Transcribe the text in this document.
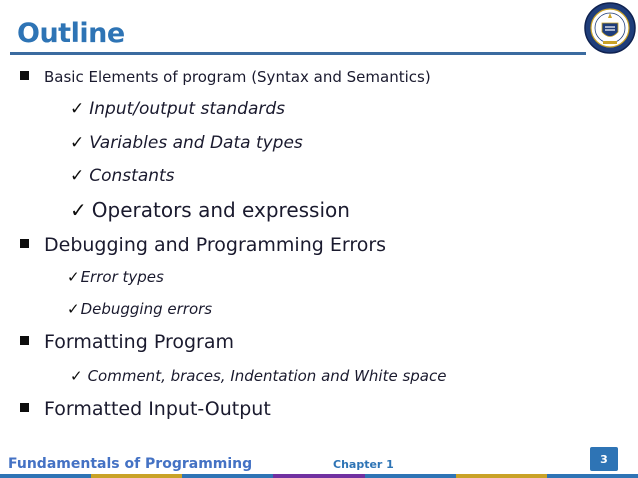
Outline
Basic Elements of program (Syntax and Semantics)
✓ Input/output standards
✓ Variables and Data types
✓ Constants
✓ Operators and expression
Debugging and Programming Errors
✓Error types
✓Debugging errors
Formatting Program
✓ Comment, braces, Indentation and White space
Formatted Input-Output
Fundamentals of Programming	Chapter 1	3
